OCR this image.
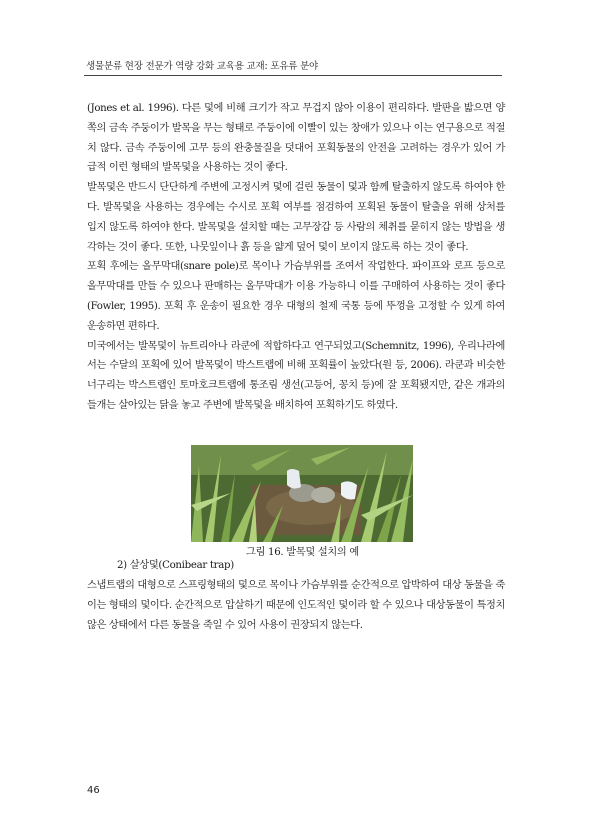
생물분류 현장 전문가 역량 강화 교육용 교재: 포유류 분야

(Jones et al. 1996). 다른 덫에 비해 크기가 작고 무겁지 않아 이용이 편리하다. 발판을 밟으면 양쪽의 금속 주둥이가 발목을 무는 형태로 주둥이에 이빨이 있는 창애가 있으나 이는 연구용으로 적절치 않다. 금속 주둥이에 고무 등의 완충물질을 덧대어 포획동물의 안전을 고려하는 경우가 있어 가급적 이런 형태의 발목덫을 사용하는 것이 좋다.

발목덫은 반드시 단단하게 주변에 고정시켜 덫에 걸린 동물이 덫과 함께 탈출하지 않도록 하여야 한다. 발목덫을 사용하는 경우에는 수시로 포획 여부를 점검하여 포획된 동물이 탈출을 위해 상처를 입지 않도록 하여야 한다. 발목덫을 설치할 때는 고무장갑 등 사람의 체취를 묻히지 않는 방법을 생각하는 것이 좋다. 또한, 나뭇잎이나 흙 등을 얇게 덮어 덫이 보이지 않도록 하는 것이 좋다.

포획 후에는 올무막대(snare pole)로 목이나 가슴부위를 조여서 작업한다. 파이프와 로프 등으로 올무막대를 만들 수 있으나 판매하는 올무막대가 이용 가능하니 이를 구매하여 사용하는 것이 좋다(Fowler, 1995). 포획 후 운송이 필요한 경우 대형의 철제 국통 등에 뚜껑을 고정할 수 있게 하여 운송하면 편하다.

미국에서는 발목덫이 뉴트리아나 라쿤에 적합하다고 연구되었고(Schemnitz, 1996), 우리나라에서는 수달의 포획에 있어 발목덫이 박스트랩에 비해 포획률이 높았다(원 등, 2006). 라쿤과 비슷한 너구리는 박스트랩인 토마호크트랩에 통조림 생선(고등어, 꽁치 등)에 잘 포획됐지만, 같은 개과의 들개는 살아있는 닭을 놓고 주변에 발목덫을 배치하여 포획하기도 하였다.

그림 16. 발목덫 설치의 예
2) 살상덫(Conibear trap)

스냅트랩의 대형으로 스프링형태의 덫으로 목이나 가슴부위를 순간적으로 압박하여 대상 동물을 죽이는 형태의 덫이다. 순간적으로 압살하기 때문에 인도적인 덫이라 할 수 있으나 대상동물이 특정치 않은 상태에서 다른 동물을 죽일 수 있어 사용이 권장되지 않는다.

46
